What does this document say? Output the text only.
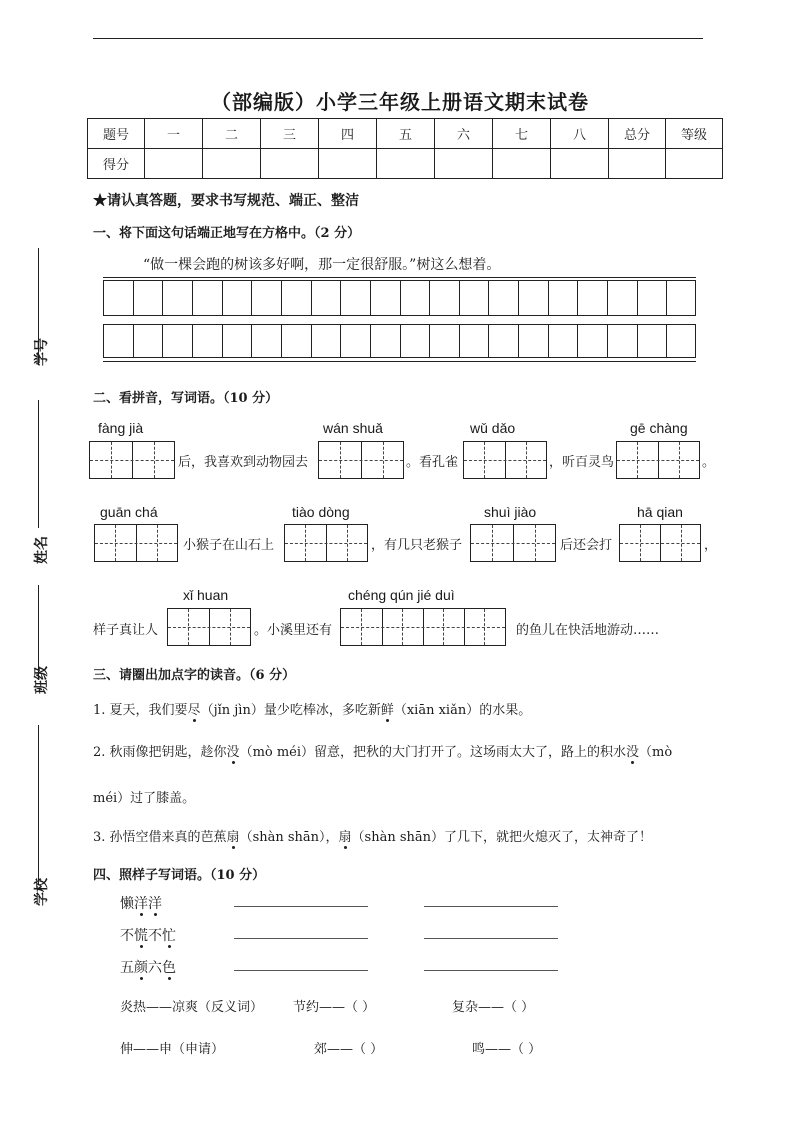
（部编版）小学三年级上册语文期末试卷
题号	一	二	三	四	五	六	七	八	总分	等级
得分										
★请认真答题，要求书写规范、端正、整洁
学号
姓名
班级
学校
一、将下面这句话端正地写在方格中。（2 分）
“做一棵会跑的树该多好啊，那一定很舒服。”树这么想着。
二、看拼音，写词语。（10 分）
fàng jià	wán shuǎ	wǔ dǎo	gē chàng
后，我喜欢到动物园去	。看孔雀	，听百灵鸟	。
guān chá	tiào dòng	shuì jiào	hā qian
小猴子在山石上	，有几只老猴子	后还会打	，
xǐ huan	chéng qún jié duì
样子真让人	。小溪里还有	的鱼儿在快活地游动……
三、请圈出加点字的读音。（6 分）
1. 夏天，我们要尽（jǐn jìn）量少吃棒冰，多吃新鲜（xiān xiǎn）的水果。
2. 秋雨像把钥匙，趁你没（mò méi）留意，把秋的大门打开了。这场雨太大了，路上的积水没（mò
méi）过了膝盖。
3. 孙悟空借来真的芭蕉扇（shàn shān），扇（shàn shān）了几下，就把火熄灭了，太神奇了！
四、照样子写词语。（10 分）
懒洋洋
不慌不忙
五颜六色
炎热——凉爽（反义词） 节约——（ ）	复杂——（ ）
伸——申（申请）	郊——（ ）	鸣——（ ）
